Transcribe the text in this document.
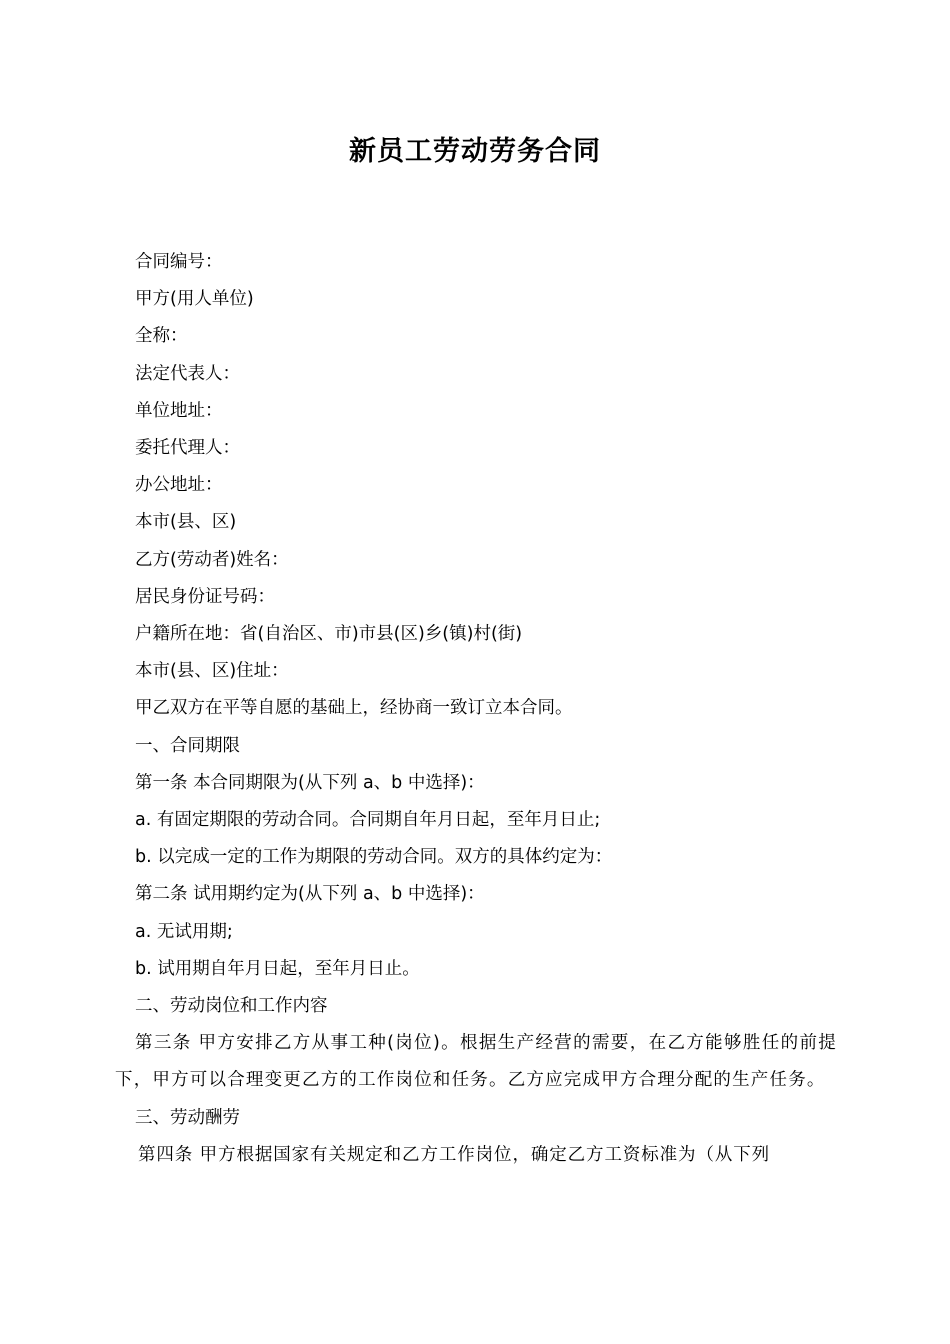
新员工劳动劳务合同
合同编号：
甲方(用人单位)
全称：
法定代表人：
单位地址：
委托代理人：
办公地址：
本市(县、区)
乙方(劳动者)姓名：
居民身份证号码：
户籍所在地：省(自治区、市)市县(区)乡(镇)村(街)
本市(县、区)住址：
甲乙双方在平等自愿的基础上，经协商一致订立本合同。
一、合同期限
第一条 本合同期限为(从下列 a、b 中选择)：
a. 有固定期限的劳动合同。合同期自年月日起，至年月日止;
b. 以完成一定的工作为期限的劳动合同。双方的具体约定为：
第二条 试用期约定为(从下列 a、b 中选择)：
a. 无试用期;
b. 试用期自年月日起，至年月日止。
二、劳动岗位和工作内容
第三条 甲方安排乙方从事工种(岗位)。根据生产经营的需要，在乙方能够胜任的前提下，甲方可以合理变更乙方的工作岗位和任务。乙方应完成甲方合理分配的生产任务。
三、劳动酬劳
第四条 甲方根据国家有关规定和乙方工作岗位，确定乙方工资标准为（从下列
